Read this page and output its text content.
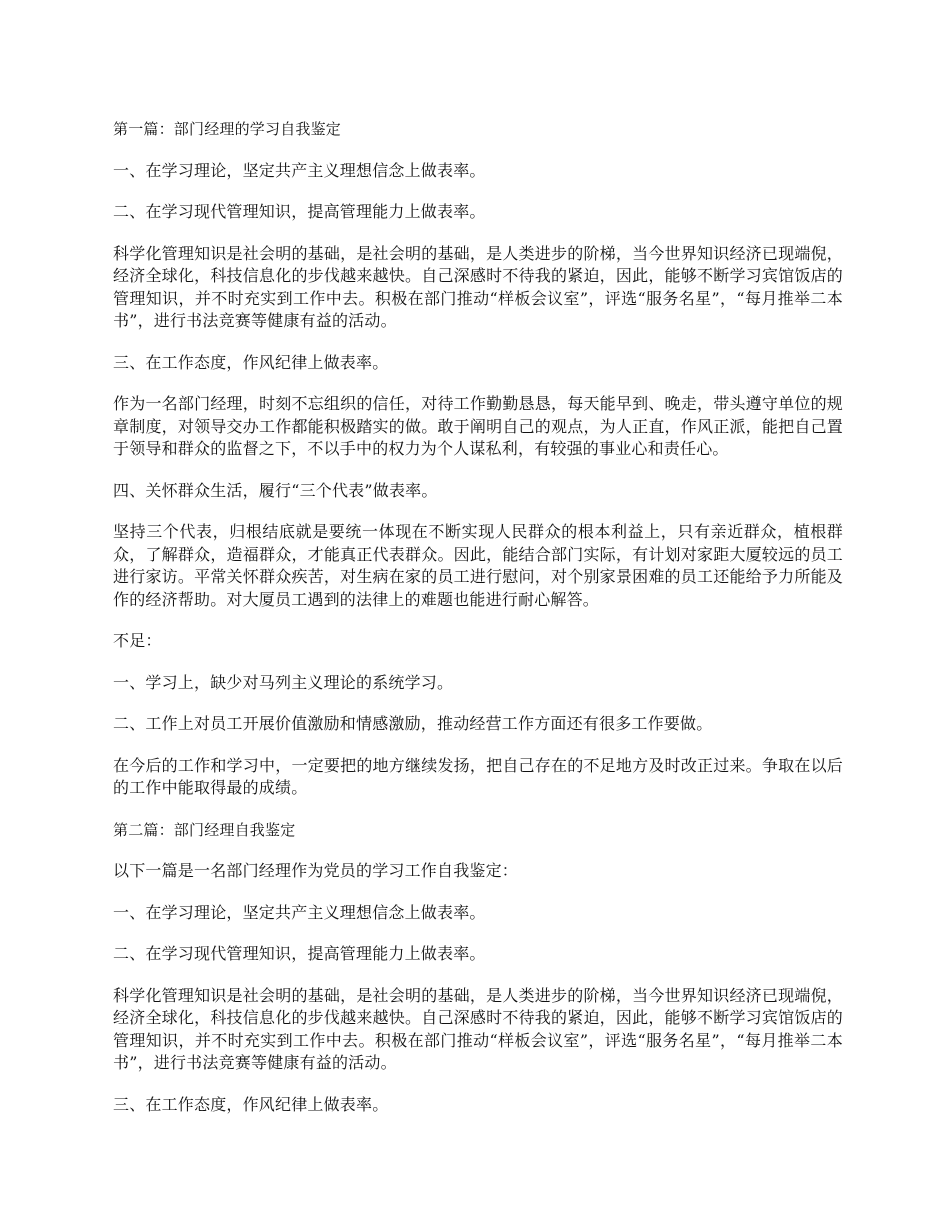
第一篇：部门经理的学习自我鉴定

一、在学习理论，坚定共产主义理想信念上做表率。

二、在学习现代管理知识，提高管理能力上做表率。

科学化管理知识是社会明的基础，是社会明的基础，是人类进步的阶梯，当今世界知识经济已现端倪，经济全球化，科技信息化的步伐越来越快。自己深感时不待我的紧迫，因此，能够不断学习宾馆饭店的管理知识，并不时充实到工作中去。积极在部门推动“样板会议室”，评选“服务名星”，“每月推举二本书”，进行书法竞赛等健康有益的活动。

三、在工作态度，作风纪律上做表率。

作为一名部门经理，时刻不忘组织的信任，对待工作勤勤恳恳，每天能早到、晚走，带头遵守单位的规章制度，对领导交办工作都能积极踏实的做。敢于阐明自己的观点，为人正直，作风正派，能把自己置于领导和群众的监督之下，不以手中的权力为个人谋私利，有较强的事业心和责任心。

四、关怀群众生活，履行“三个代表”做表率。

坚持三个代表，归根结底就是要统一体现在不断实现人民群众的根本利益上，只有亲近群众，植根群众，了解群众，造福群众，才能真正代表群众。因此，能结合部门实际，有计划对家距大厦较远的员工进行家访。平常关怀群众疾苦，对生病在家的员工进行慰问，对个别家景困难的员工还能给予力所能及作的经济帮助。对大厦员工遇到的法律上的难题也能进行耐心解答。

不足：

一、学习上，缺少对马列主义理论的系统学习。

二、工作上对员工开展价值激励和情感激励，推动经营工作方面还有很多工作要做。

在今后的工作和学习中，一定要把的地方继续发扬，把自己存在的不足地方及时改正过来。争取在以后的工作中能取得最的成绩。

第二篇：部门经理自我鉴定

以下一篇是一名部门经理作为党员的学习工作自我鉴定：

一、在学习理论，坚定共产主义理想信念上做表率。

二、在学习现代管理知识，提高管理能力上做表率。

科学化管理知识是社会明的基础，是社会明的基础，是人类进步的阶梯，当今世界知识经济已现端倪，经济全球化，科技信息化的步伐越来越快。自己深感时不待我的紧迫，因此，能够不断学习宾馆饭店的管理知识，并不时充实到工作中去。积极在部门推动“样板会议室”，评选“服务名星”，“每月推举二本书”，进行书法竞赛等健康有益的活动。

三、在工作态度，作风纪律上做表率。
